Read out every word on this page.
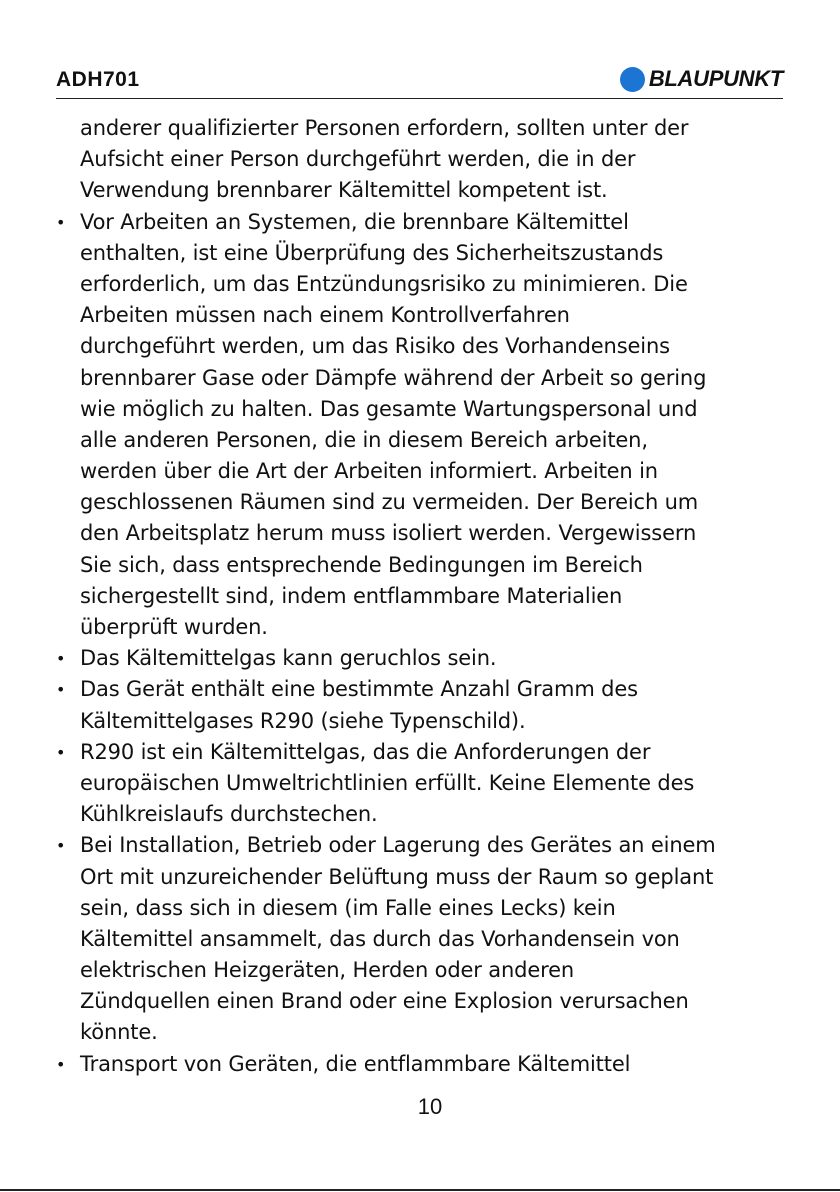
ADH701	BLAUPUNKT
anderer qualifizierter Personen erfordern, sollten unter der
Aufsicht einer Person durchgeführt werden, die in der
Verwendung brennbarer Kältemittel kompetent ist.
• Vor Arbeiten an Systemen, die brennbare Kältemittel
enthalten, ist eine Überprüfung des Sicherheitszustands
erforderlich, um das Entzündungsrisiko zu minimieren. Die
Arbeiten müssen nach einem Kontrollverfahren
durchgeführt werden, um das Risiko des Vorhandenseins
brennbarer Gase oder Dämpfe während der Arbeit so gering
wie möglich zu halten. Das gesamte Wartungspersonal und
alle anderen Personen, die in diesem Bereich arbeiten,
werden über die Art der Arbeiten informiert. Arbeiten in
geschlossenen Räumen sind zu vermeiden. Der Bereich um
den Arbeitsplatz herum muss isoliert werden. Vergewissern
Sie sich, dass entsprechende Bedingungen im Bereich
sichergestellt sind, indem entflammbare Materialien
überprüft wurden.
• Das Kältemittelgas kann geruchlos sein.
• Das Gerät enthält eine bestimmte Anzahl Gramm des
Kältemittelgases R290 (siehe Typenschild).
• R290 ist ein Kältemittelgas, das die Anforderungen der
europäischen Umweltrichtlinien erfüllt. Keine Elemente des
Kühlkreislaufs durchstechen.
• Bei Installation, Betrieb oder Lagerung des Gerätes an einem
Ort mit unzureichender Belüftung muss der Raum so geplant
sein, dass sich in diesem (im Falle eines Lecks) kein
Kältemittel ansammelt, das durch das Vorhandensein von
elektrischen Heizgeräten, Herden oder anderen
Zündquellen einen Brand oder eine Explosion verursachen
könnte.
• Transport von Geräten, die entflammbare Kältemittel
10
